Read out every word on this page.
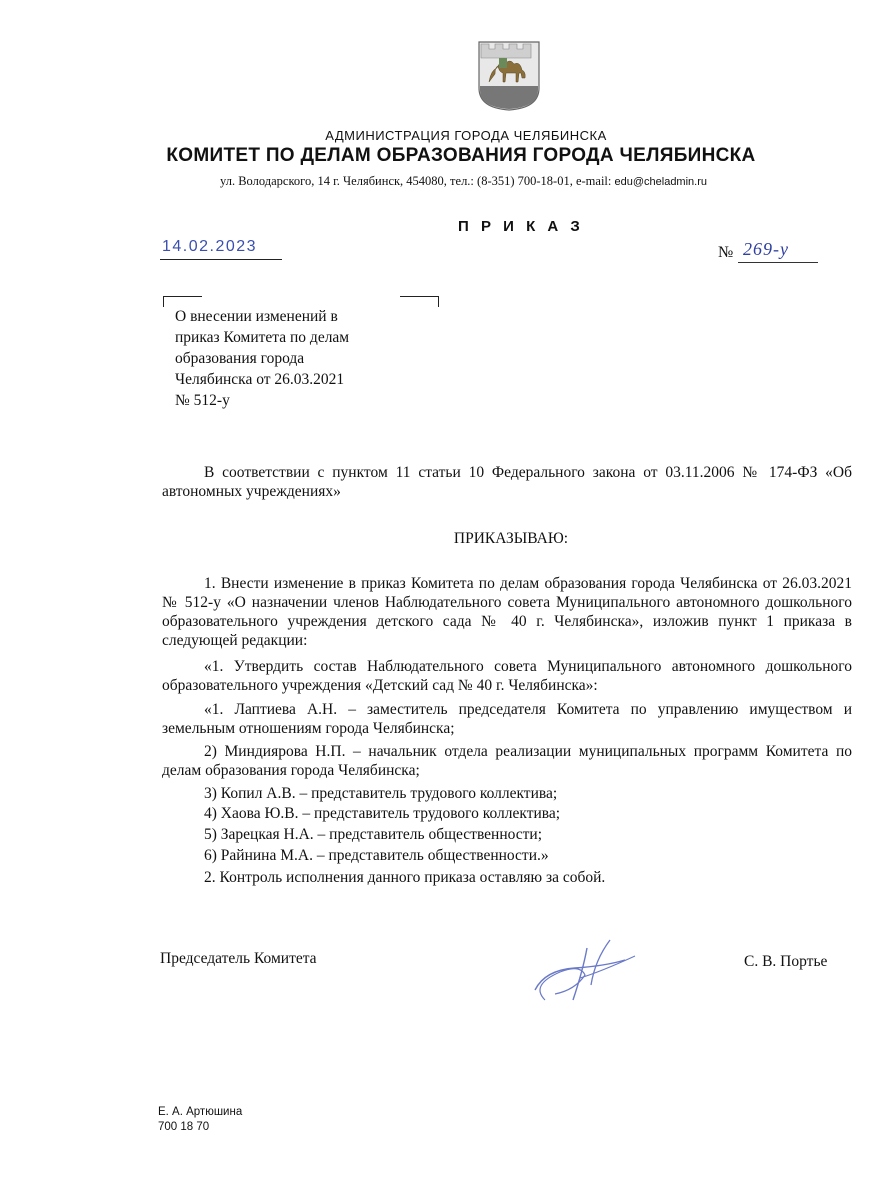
АДМИНИСТРАЦИЯ ГОРОДА ЧЕЛЯБИНСКА
КОМИТЕТ ПО ДЕЛАМ ОБРАЗОВАНИЯ ГОРОДА ЧЕЛЯБИНСКА
ул. Володарского, 14 г. Челябинск, 454080, тел.: (8-351) 700-18-01, e-mail: edu@cheladmin.ru
П Р И К А З
14.02.2023	№ 269-у
О внесении изменений в
приказ Комитета по делам
образования города
Челябинска от 26.03.2021
№ 512-у
В соответствии с пунктом 11 статьи 10 Федерального закона от 03.11.2006 № 174-ФЗ «Об автономных учреждениях»
ПРИКАЗЫВАЮ:
1. Внести изменение в приказ Комитета по делам образования города Челябинска от 26.03.2021 № 512-у «О назначении членов Наблюдательного совета Муниципального автономного дошкольного образовательного учреждения детского сада № 40 г. Челябинска», изложив пункт 1 приказа в следующей редакции:
«1. Утвердить состав Наблюдательного совета Муниципального автономного дошкольного образовательного учреждения «Детский сад № 40 г. Челябинска»:
«1. Лаптиева А.Н. – заместитель председателя Комитета по управлению имуществом и земельным отношениям города Челябинска;
2) Миндиярова Н.П. – начальник отдела реализации муниципальных программ Комитета по делам образования города Челябинска;
3) Копил А.В. – представитель трудового коллектива;
4) Хаова Ю.В. – представитель трудового коллектива;
5) Зарецкая Н.А. – представитель общественности;
6) Райнина М.А. – представитель общественности.»
2. Контроль исполнения данного приказа оставляю за собой.
Председатель Комитета	С. В. Портье
Е. А. Артюшина
700 18 70
